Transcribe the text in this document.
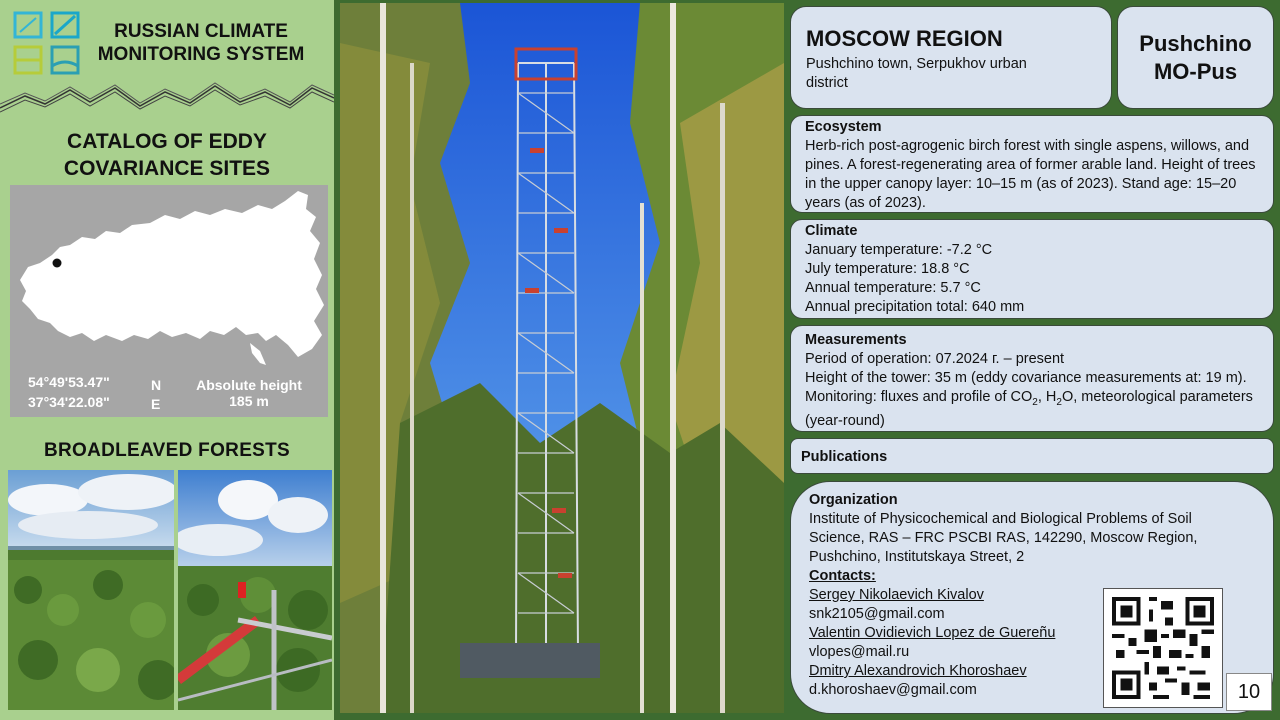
RUSSIAN CLIMATE
MONITORING SYSTEM
CATALOG OF EDDY
COVARIANCE SITES
54°49'53.47"
37°34'22.08"
N
E
Absolute height
185 m
BROADLEAVED FORESTS
MOSCOW REGION
Pushchino town, Serpukhov urban district
Pushchino
MO-Pus
Ecosystem
Herb-rich post-agrogenic birch forest with single aspens, willows, and pines. A forest-regenerating area of former arable land. Height of trees in the upper canopy layer: 10–15 m (as of 2023). Stand age: 15–20 years (as of 2023).
Climate
January temperature: -7.2 °C
July temperature: 18.8 °C
Annual temperature: 5.7 °C
Annual precipitation total: 640 mm
Measurements
Period of operation: 07.2024 г. – present
Height of the tower: 35 m (eddy covariance measurements at: 19 m). Monitoring: fluxes and profile of $CO_2$, $H_2O$, meteorological parameters (year-round)
Publications
Organization
Institute of Physicochemical and Biological Problems of Soil Science, RAS – FRC PSCBI RAS, 142290, Moscow Region, Pushchino, Institutskaya Street, 2
Contacts:
Sergey Nikolaevich Kivalov
snk2105@gmail.com
Valentin Ovidievich Lopez de Guereñu
vlopes@mail.ru
Dmitry Alexandrovich Khoroshaev
d.khoroshaev@gmail.com	10
